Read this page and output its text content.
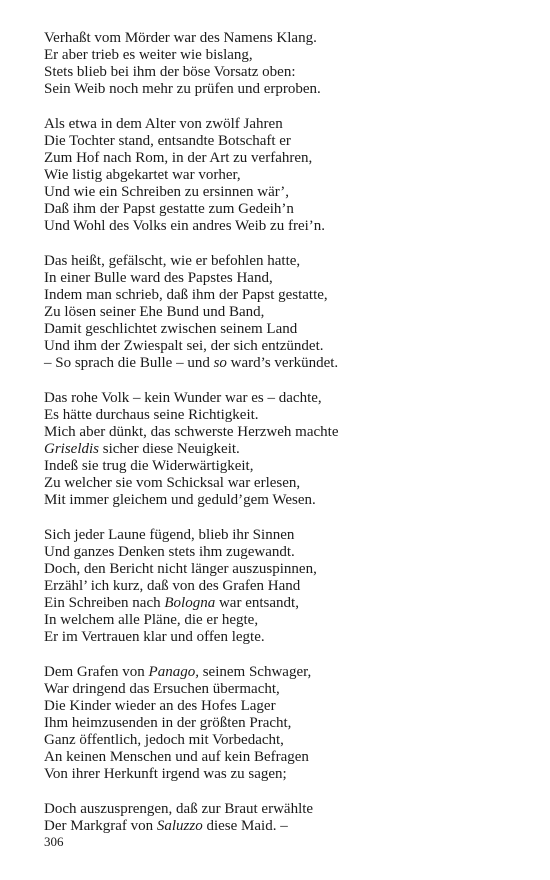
Verhaßt vom Mörder war des Namens Klang.
Er aber trieb es weiter wie bislang,
Stets blieb bei ihm der böse Vorsatz oben:
Sein Weib noch mehr zu prüfen und erproben.
Als etwa in dem Alter von zwölf Jahren
Die Tochter stand, entsandte Botschaft er
Zum Hof nach Rom, in der Art zu verfahren,
Wie listig abgekartet war vorher,
Und wie ein Schreiben zu ersinnen wär’,
Daß ihm der Papst gestatte zum Gedeih’n
Und Wohl des Volks ein andres Weib zu frei’n.
Das heißt, gefälscht, wie er befohlen hatte,
In einer Bulle ward des Papstes Hand,
Indem man schrieb, daß ihm der Papst gestatte,
Zu lösen seiner Ehe Bund und Band,
Damit geschlichtet zwischen seinem Land
Und ihm der Zwiespalt sei, der sich entzündet.
– So sprach die Bulle – und so ward’s verkündet.
Das rohe Volk – kein Wunder war es – dachte,
Es hätte durchaus seine Richtigkeit.
Mich aber dünkt, das schwerste Herzweh machte
Griseldis sicher diese Neuigkeit.
Indeß sie trug die Widerwärtigkeit,
Zu welcher sie vom Schicksal war erlesen,
Mit immer gleichem und geduld’gem Wesen.
Sich jeder Laune fügend, blieb ihr Sinnen
Und ganzes Denken stets ihm zugewandt.
Doch, den Bericht nicht länger auszuspinnen,
Erzähl’ ich kurz, daß von des Grafen Hand
Ein Schreiben nach Bologna war entsandt,
In welchem alle Pläne, die er hegte,
Er im Vertrauen klar und offen legte.
Dem Grafen von Panago, seinem Schwager,
War dringend das Ersuchen übermacht,
Die Kinder wieder an des Hofes Lager
Ihm heimzusenden in der größten Pracht,
Ganz öffentlich, jedoch mit Vorbedacht,
An keinen Menschen und auf kein Befragen
Von ihrer Herkunft irgend was zu sagen;
Doch auszusprengen, daß zur Braut erwählte
Der Markgraf von Saluzzo diese Maid. –
306
